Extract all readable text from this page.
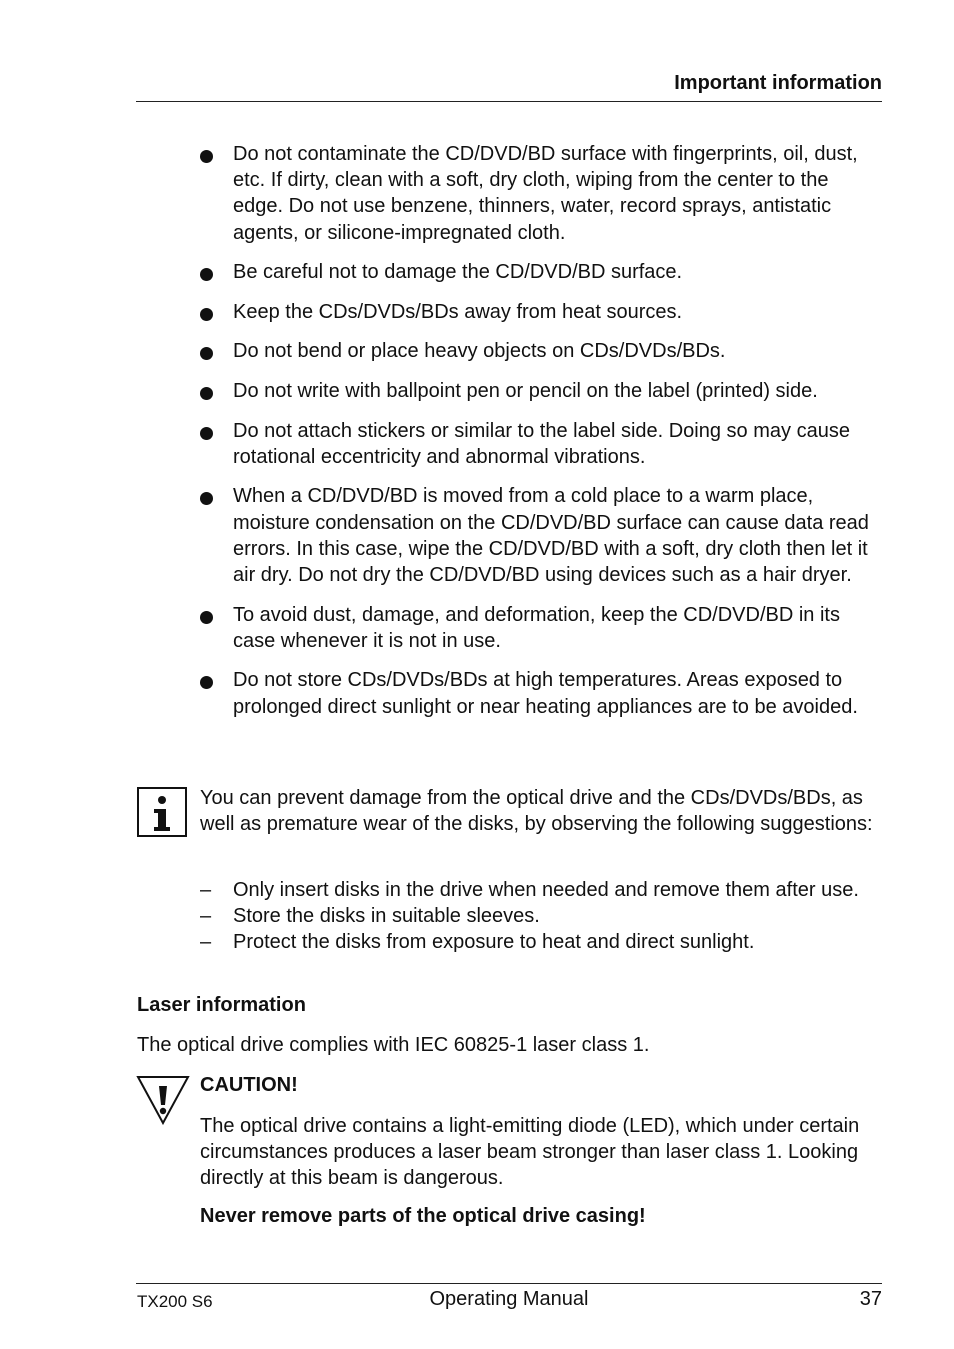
Important information
Do not contaminate the CD/DVD/BD surface with fingerprints, oil, dust, etc. If dirty, clean with a soft, dry cloth, wiping from the center to the edge. Do not use benzene, thinners, water, record sprays, antistatic agents, or silicone-impregnated cloth.
Be careful not to damage the CD/DVD/BD surface.
Keep the CDs/DVDs/BDs away from heat sources.
Do not bend or place heavy objects on CDs/DVDs/BDs.
Do not write with ballpoint pen or pencil on the label (printed) side.
Do not attach stickers or similar to the label side. Doing so may cause rotational eccentricity and abnormal vibrations.
When a CD/DVD/BD is moved from a cold place to a warm place, moisture condensation on the CD/DVD/BD surface can cause data read errors. In this case, wipe the CD/DVD/BD with a soft, dry cloth then let it air dry. Do not dry the CD/DVD/BD using devices such as a hair dryer.
To avoid dust, damage, and deformation, keep the CD/DVD/BD in its case whenever it is not in use.
Do not store CDs/DVDs/BDs at high temperatures. Areas exposed to prolonged direct sunlight or near heating appliances are to be avoided.

You can prevent damage from the optical drive and the CDs/DVDs/BDs, as well as premature wear of the disks, by observing the following suggestions:

– Only insert disks in the drive when needed and remove them after use.
– Store the disks in suitable sleeves.
– Protect the disks from exposure to heat and direct sunlight.
Laser information

The optical drive complies with IEC 60825-1 laser class 1.

CAUTION!

The optical drive contains a light-emitting diode (LED), which under certain circumstances produces a laser beam stronger than laser class 1. Looking directly at this beam is dangerous.

Never remove parts of the optical drive casing!

TX200 S6	Operating Manual	37
